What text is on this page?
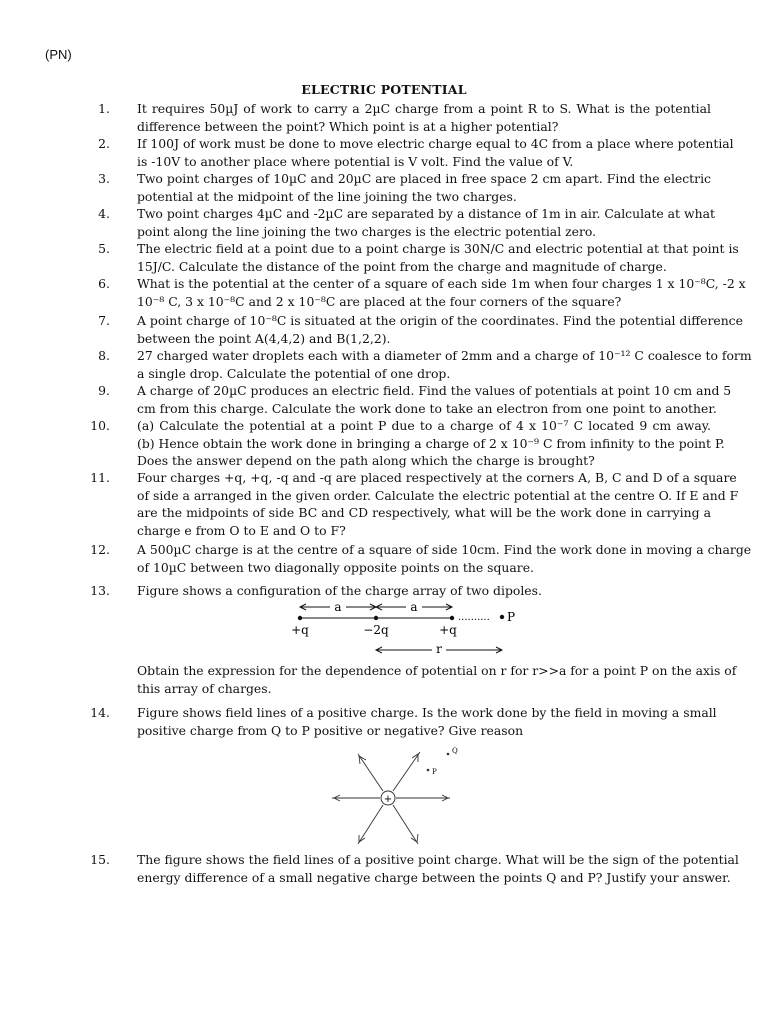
(PN)
ELECTRIC POTENTIAL
1. It requires 50µJ of work to carry a 2µC charge from a point R to S. What is the potential
difference between the point? Which point is at a higher potential?
2. If 100J of work must be done to move electric charge equal to 4C from a place where potential
is -10V to another place where potential is V volt. Find the value of V.
3. Two point charges of 10µC and 20µC are placed in free space 2 cm apart. Find the electric
potential at the midpoint of the line joining the two charges.
4. Two point charges 4µC and -2µC are separated by a distance of 1m in air. Calculate at what
point along the line joining the two charges is the electric potential zero.
5. The electric field at a point due to a point charge is 30N/C and electric potential at that point is
15J/C. Calculate the distance of the point from the charge and magnitude of charge.
6. What is the potential at the center of a square of each side 1m when four charges 1 x 10⁻⁸C, -2 x
10⁻⁸ C, 3 x 10⁻⁸C and 2 x 10⁻⁸C are placed at the four corners of the square?
7. A point charge of 10⁻⁸C is situated at the origin of the coordinates. Find the potential difference
between the point A(4,4,2) and B(1,2,2).
8. 27 charged water droplets each with a diameter of 2mm and a charge of 10⁻¹² C coalesce to form
a single drop. Calculate the potential of one drop.
9. A charge of 20µC produces an electric field. Find the values of potentials at point 10 cm and 5
cm from this charge. Calculate the work done to take an electron from one point to another.
10. (a) Calculate the potential at a point P due to a charge of 4 x 10⁻⁷ C located 9 cm away.
(b) Hence obtain the work done in bringing a charge of 2 x 10⁻⁹ C from infinity to the point P.
Does the answer depend on the path along which the charge is brought?
11. Four charges +q, +q, -q and -q are placed respectively at the corners A, B, C and D of a square
of side a arranged in the given order. Calculate the electric potential at the centre O. If E and F
are the midpoints of side BC and CD respectively, what will be the work done in carrying a
charge e from O to E and O to F?
12. A 500µC charge is at the centre of a square of side 10cm. Find the work done in moving a charge
of 10µC between two diagonally opposite points on the square.
13. Figure shows a configuration of the charge array of two dipoles.
Obtain the expression for the dependence of potential on r for r>>a for a point P on the axis of
this array of charges.
14. Figure shows field lines of a positive charge. Is the work done by the field in moving a small
positive charge from Q to P positive or negative? Give reason
15. The figure shows the field lines of a positive point charge. What will be the sign of the potential
energy difference of a small negative charge between the points Q and P? Justify your answer.
a	a
+q	−2q	+q
.......... P
r
+
Q
P
